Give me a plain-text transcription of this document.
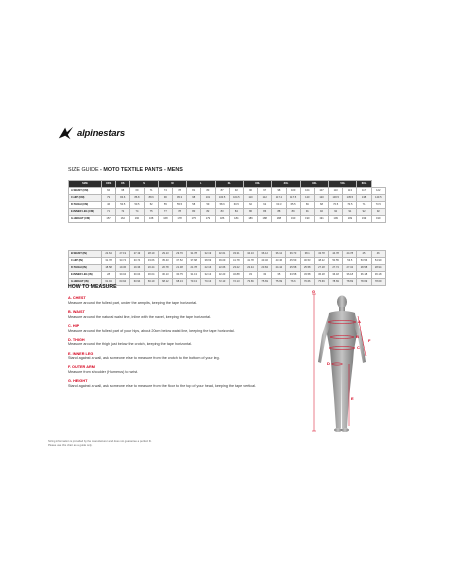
alpinestars
SIZE GUIDE - MOTO TEXTILE PANTS - MENS
SIZE	XXS	XS	S		M		L		XL		XXL		3XL		4XL		5XL		6XL	
A.WAIST (CM)	66	68	69	71	74	78	81	83	87	92	96	97	98	100	104	107	110	113	117	122
C.HIP (CM)	79	84.6	86.8	88.6	90	95.3	98	101	100.5	104.5	110	112	117.2	117.5	120	120	130.5	135.5	138	140.5
D.THIGH (CM)	46	50.5	50.5	52	55	55.5	58	59	58.6	60.5	62	62	63.3	65.5	69	68	70.5	70.5	71	73.5
E.INNER LEG (CM)	71	72	74	75	77	78	80	82	83	84	86	86	88	89	91	92	92	91	92	92
G.HEIGHT (CM)	157	162	160	168	168	178	175	179	186	184	186	188	188	190	190	191	199	199	199	199
B.WAIST (IN)	22.64	27.19	27.19	28.19	29.13	29.76	31.78	32.19	32.61	33.31	34.13	36.12	36.12	36.73	38.1	43.78	44.78	44.78	45	46
C.HIP (IN)	31.78	33.74	33.74	33.66	35.43	37.52	37.68	38.69	39.09	41.78	41.78	43.46	43.46	45.59	46.53	48.22	50.55	53.5	53.56	54.99
D.THIGH (IN)	18.58	19.36	19.36	20.44	20.78	21.38	21.78	22.16	22.66	23.22	23.44	23.84	24.44	25.58	25.58	27.18	27.74	27.34	28.58	28.94
E.INNER LEG (IN)	28	30.04	30.04	30.04	30.13	30.75	31.13	32.13	32.23	32.88	33	33	35	33.58	33.58	36.18	36.18	36.18	36.18	36.18
G.HEIGHT (IN)	61.94	63.94	63.94	66.19	68.12	68.13	70.13	70.13	72.13	72.13	73.66	75.69	75.69	76.6	76.66	75.69	78.69	78.69	78.69	78.69
HOW TO MEASURE
A. CHEST
Measure around the fullest part, under the armpits, keeping the tape horizontal.
B. WAIST
Measure around the natural waist line, inline with the navel, keeping the tape horizontal.
C. HIP
Measure around the fullest part of your hips, about 20cm below waist line, keeping the tape horizontal.
D. THIGH
Measure around the thigh just below the crotch, keeping the tape horizontal.
E. INNER LEG
Stand against a wall, ask someone else to measure from the crotch to the bottom of your leg.
F. OUTER ARM
Measure from shoulder (Humerus) to wrist.
G. HEIGHT
Stand against a wall, ask someone else to measure from the floor to the top of your head, keeping the tape vertical.
G
A
B
C
D
E
F
Sizing information is provided by the manufacturer and does not guarantee a perfect fit.
Please use this chart as a guide only.
